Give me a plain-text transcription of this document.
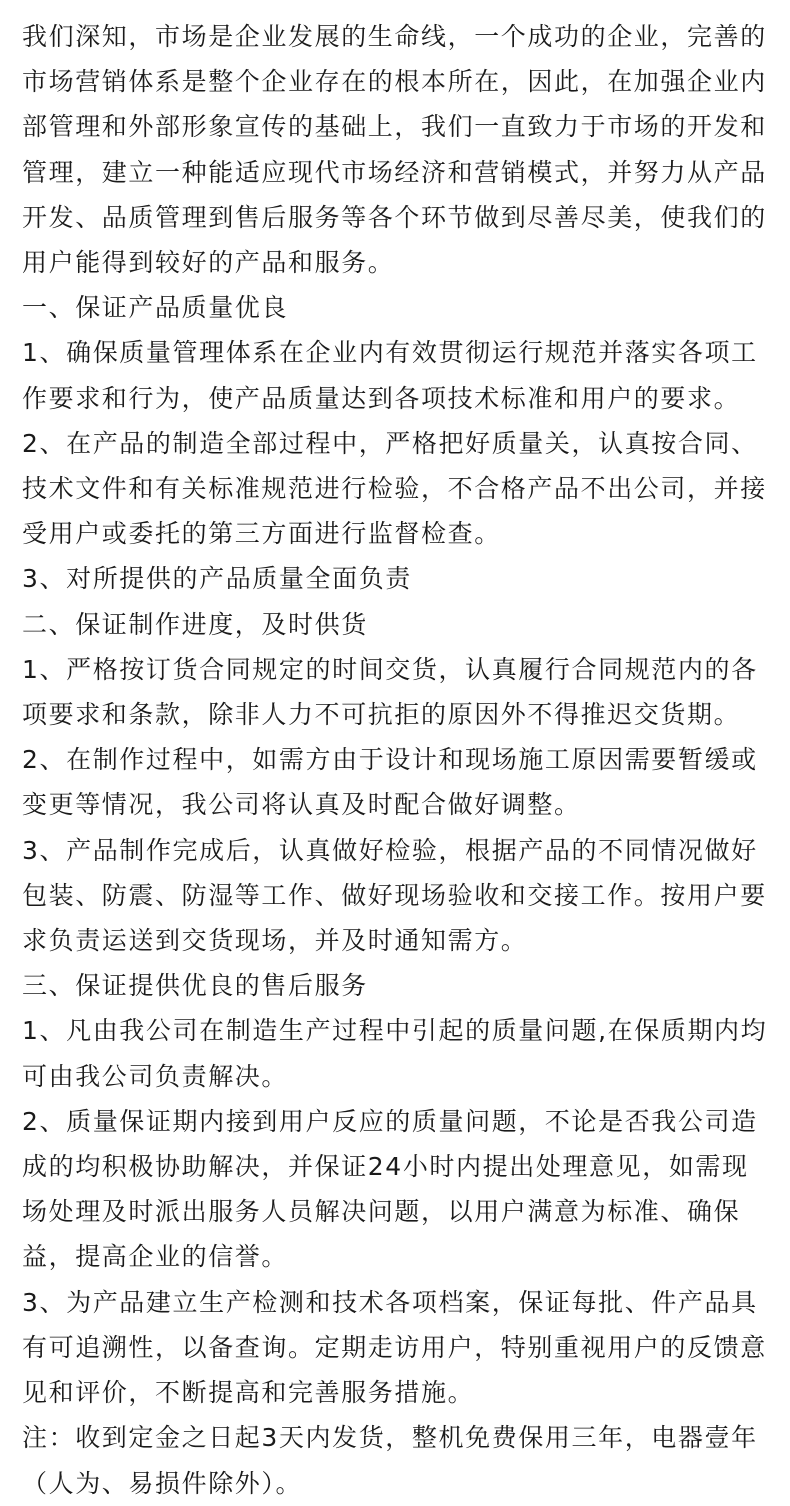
我们深知，市场是企业发展的生命线，一个成功的企业，完善的市场营销体系是整个企业存在的根本所在，因此，在加强企业内部管理和外部形象宣传的基础上，我们一直致力于市场的开发和管理，建立一种能适应现代市场经济和营销模式，并努力从产品开发、品质管理到售后服务等各个环节做到尽善尽美，使我们的用户能得到较好的产品和服务。

一、保证产品质量优良

1、确保质量管理体系在企业内有效贯彻运行规范并落实各项工作要求和行为，使产品质量达到各项技术标准和用户的要求。

2、在产品的制造全部过程中，严格把好质量关，认真按合同、技术文件和有关标准规范进行检验，不合格产品不出公司，并接受用户或委托的第三方面进行监督检查。

3、对所提供的产品质量全面负责

二、保证制作进度，及时供货

1、严格按订货合同规定的时间交货，认真履行合同规范内的各项要求和条款，除非人力不可抗拒的原因外不得推迟交货期。

2、在制作过程中，如需方由于设计和现场施工原因需要暂缓或变更等情况，我公司将认真及时配合做好调整。

3、产品制作完成后，认真做好检验，根据产品的不同情况做好包装、防震、防湿等工作、做好现场验收和交接工作。按用户要求负责运送到交货现场，并及时通知需方。

三、保证提供优良的售后服务

1、凡由我公司在制造生产过程中引起的质量问题,在保质期内均可由我公司负责解决。

2、质量保证期内接到用户反应的质量问题，不论是否我公司造成的均积极协助解决，并保证24小时内提出处理意见，如需现场处理及时派出服务人员解决问题，以用户满意为标准、确保益，提高企业的信誉。

3、为产品建立生产检测和技术各项档案，保证每批、件产品具有可追溯性，以备查询。定期走访用户，特别重视用户的反馈意见和评价，不断提高和完善服务措施。

注：收到定金之日起3天内发货，整机免费保用三年，电器壹年（人为、易损件除外）。
